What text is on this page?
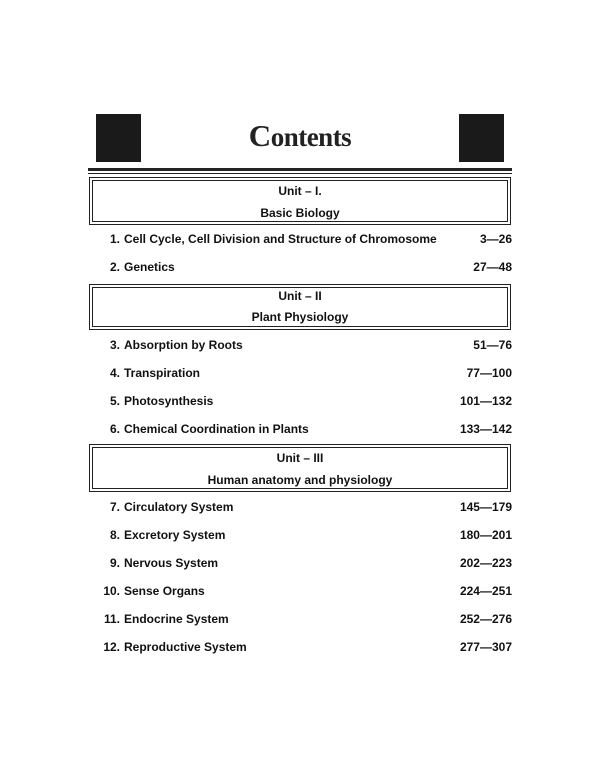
Contents
Unit – I.
Basic Biology
1. Cell Cycle, Cell Division and Structure of Chromosome	3—26
2. Genetics	27—48
Unit – II
Plant Physiology
3. Absorption by Roots	51—76
4. Transpiration	77—100
5. Photosynthesis	101—132
6. Chemical Coordination in Plants	133—142
Unit – III
Human anatomy and physiology
7. Circulatory System	145—179
8. Excretory System	180—201
9. Nervous System	202—223
10. Sense Organs	224—251
11. Endocrine System	252—276
12. Reproductive System	277—307
